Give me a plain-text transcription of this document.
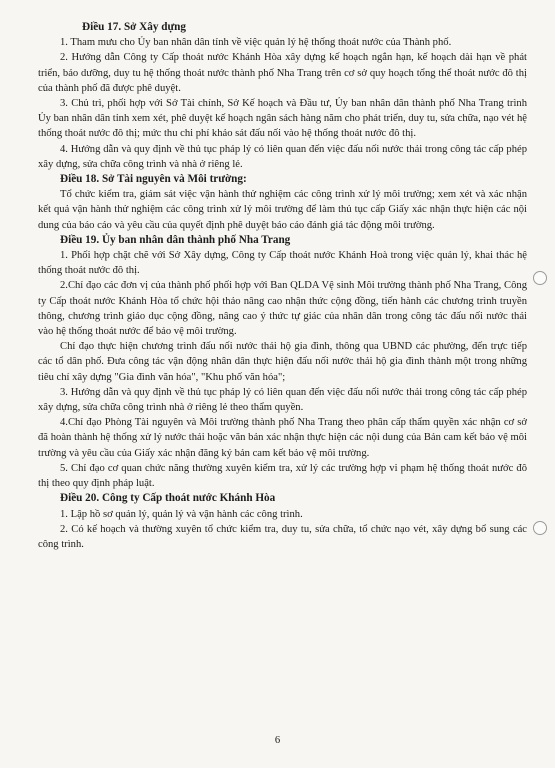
Điều 17. Sở Xây dựng

1. Tham mưu cho Ủy ban nhân dân tỉnh về việc quản lý hệ thống thoát nước của Thành phố.

2. Hướng dẫn Công ty Cấp thoát nước Khánh Hòa xây dựng kế hoạch ngắn hạn, kế hoạch dài hạn về phát triển, bảo dưỡng, duy tu hệ thống thoát nước thành phố Nha Trang trên cơ sở quy hoạch tổng thể thoát nước đô thị của thành phố đã được phê duyệt.

3. Chủ trì, phối hợp với Sở Tài chính, Sở Kế hoạch và Đầu tư, Ủy ban nhân dân thành phố Nha Trang trình Ủy ban nhân dân tỉnh xem xét, phê duyệt kế hoạch ngân sách hàng năm cho phát triển, duy tu, sửa chữa, nạo vét hệ thống thoát nước đô thị; mức thu chi phí khảo sát đấu nối vào hệ thống thoát nước đô thị.

4. Hướng dẫn và quy định về thủ tục pháp lý có liên quan đến việc đấu nối nước thải trong công tác cấp phép xây dựng, sửa chữa công trình và nhà ở riêng lẻ.

Điều 18. Sở Tài nguyên và Môi trường:

Tổ chức kiểm tra, giám sát việc vận hành thử nghiệm các công trình xử lý môi trường; xem xét và xác nhận kết quả vận hành thử nghiệm các công trình xử lý môi trường để làm thủ tục cấp Giấy xác nhận thực hiện các nội dung của báo cáo và yêu cầu của quyết định phê duyệt báo cáo đánh giá tác động môi trường.

Điều 19. Ủy ban nhân dân thành phố Nha Trang

1. Phối hợp chặt chẽ với Sở Xây dựng, Công ty Cấp thoát nước Khánh Hoà trong việc quản lý, khai thác hệ thống thoát nước đô thị.

2.Chỉ đạo các đơn vị của thành phố phối hợp với Ban QLDA Vệ sinh Môi trường thành phố Nha Trang, Công ty Cấp thoát nước Khánh Hòa tổ chức hội thảo nâng cao nhận thức cộng đồng, tiến hành các chương trình truyền thông, chương trình giáo dục cộng đồng, nâng cao ý thức tự giác của nhân dân trong công tác đấu nối nước thải vào hệ thống thoát nước để bảo vệ môi trường.

Chỉ đạo thực hiện chương trình đấu nối nước thải hộ gia đình, thông qua UBND các phường, đến trực tiếp các tổ dân phố. Đưa công tác vận động nhân dân thực hiện đấu nối nước thải hộ gia đình thành một trong những tiêu chí xây dựng "Gia đình văn hóa", "Khu phố văn hóa";

3. Hướng dẫn và quy định về thủ tục pháp lý có liên quan đến việc đấu nối nước thải trong công tác cấp phép xây dựng, sửa chữa công trình nhà ở riêng lẻ theo thẩm quyền.

4.Chỉ đạo Phòng Tài nguyên và Môi trường thành phố Nha Trang theo phân cấp thẩm quyền xác nhận cơ sở đã hoàn thành hệ thống xử lý nước thải hoặc văn bản xác nhận thực hiện các nội dung của Bản cam kết bảo vệ môi trường và yêu cầu của Giấy xác nhận đăng ký bản cam kết bảo vệ môi trường.

5. Chỉ đạo cơ quan chức năng thường xuyên kiểm tra, xử lý các trường hợp vi phạm hệ thống thoát nước đô thị theo quy định pháp luật.

Điều 20. Công ty Cấp thoát nước Khánh Hòa

1. Lập hồ sơ quản lý, quản lý và vận hành các công trình.

2. Có kế hoạch và thường xuyên tổ chức kiểm tra, duy tu, sửa chữa, tổ chức nạo vét, xây dựng bổ sung các công trình.

6
